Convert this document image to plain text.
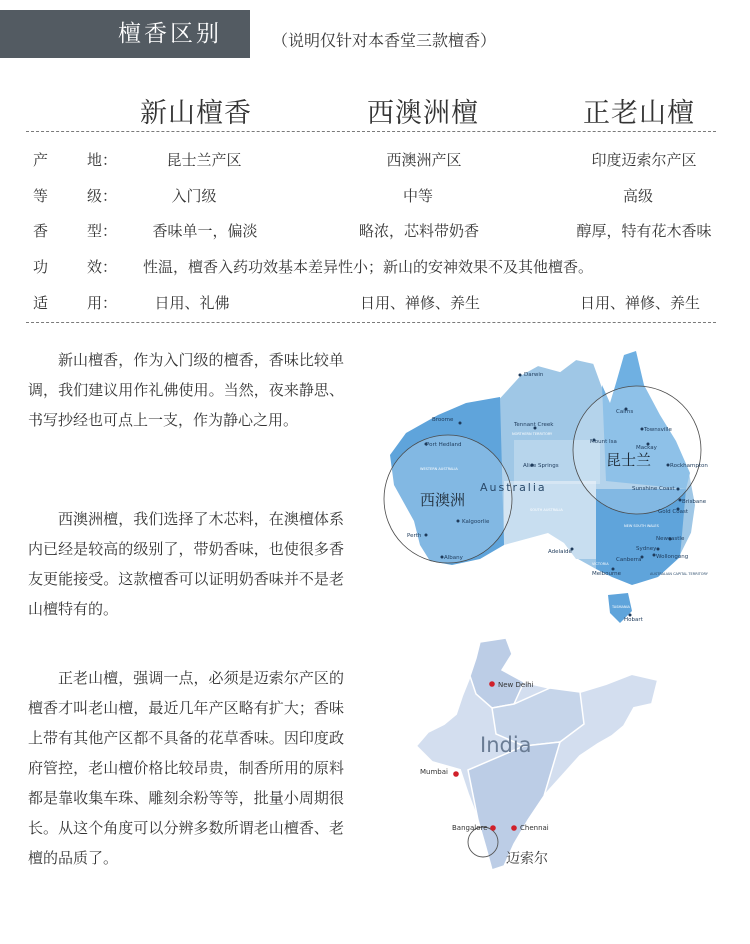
檀香区别	（说明仅针对本香堂三款檀香）
新山檀香	西澳洲檀	正老山檀
产	地：	昆士兰产区	西澳洲产区	印度迈索尔产区
等	级：	入门级	中等	高级
香	型： 香味单一，偏淡	略浓，芯料带奶香	醇厚，特有花木香味
功	效： 性温，檀香入药功效基本差异性小；新山的安神效果不及其他檀香。
适	用： 日用、礼佛	日用、禅修、养生	日用、禅修、养生

新山檀香，作为入门级的檀香，香味比较单调，我们建议用作礼佛使用。当然，夜来静思、书写抄经也可点上一支，作为静心之用。

西澳洲檀，我们选择了木芯料，在澳檀体系内已经是较高的级别了，带奶香味，也使很多香友更能接受。这款檀香可以证明奶香味并不是老山檀特有的。

正老山檀，强调一点，必须是迈索尔产区的檀香才叫老山檀，最近几年产区略有扩大；香味上带有其他产区都不具备的花草香味。因印度政府管控，老山檀价格比较昂贵，制香所用的原料都是靠收集车珠、雕刻余粉等等，批量小周期很长。从这个角度可以分辨多数所谓老山檀香、老檀的品质了。

Australia
西澳洲
昆士兰
NORTHERN TERRITORY
WESTERN AUSTRALIA
SOUTH AUSTRALIA
NEW SOUTH WALES
VICTORIA
TASMANIA
AUSTRALIAN CAPITAL TERRITORY
Darwin
Broome
Port Hedland
Tennant Creek
Alice Springs
Kalgoorlie
Perth
Albany
Adelaide
Melbourne
Hobart
Canberra
Sydney
Wollongong
Newcastle
Gold Coast
Brisbane
Sunshine Coast
Rockhampton
Mackay
Townsville
Cairns
Mount Isa
India
迈索尔
New Delhi
Mumbai
Bangalore	Chennai
